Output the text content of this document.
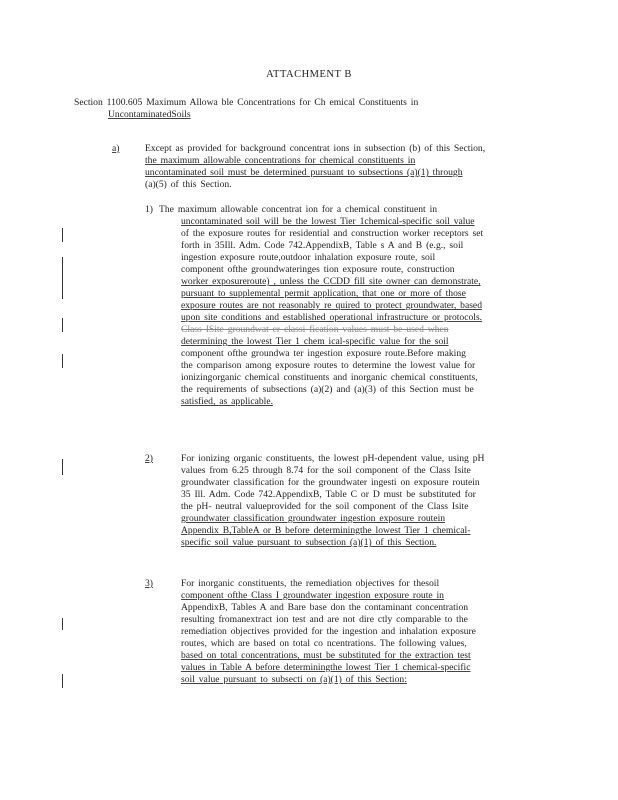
ATTACHMENT B
Section 1100.605 Maximum Allowa ble Concentrations for Ch emical Constituents in
UncontaminatedSoils
a)	Except as provided for background concentrat ions in subsection (b) of this Section,
the maximum allowable concentrations for chemical constituents in
uncontaminated soil must be determined pursuant to subsections (a)(1) through
(a)(5) of this Section.
1) The maximum allowable concentrat ion for a chemical constituent in
uncontaminated soil will be the lowest Tier 1chemical-specific soil value
of the exposure routes for residential and construction worker receptors set
forth in 35Ill. Adm. Code 742.AppendixB, Table s A and B (e.g., soil
ingestion exposure route,outdoor inhalation exposure route, soil
component ofthe groundwateringes tion exposure route, construction
worker exposureroute) , unless the CCDD fill site owner can demonstrate,
pursuant to supplemental permit application, that one or more of those
exposure routes are not reasonably re quired to protect groundwater, based
upon site conditions and established operational infrastructure or protocols.
Class ISite groundwat er classi fication values must be used when
determining the lowest Tier 1 chem ical-specific value for the soil
component ofthe groundwa ter ingestion exposure route.Before making
the comparison among exposure routes to determine the lowest value for
ionizingorganic chemical constituents and inorganic chemical constituents,
the requirements of subsections (a)(2) and (a)(3) of this Section must be
satisfied, as applicable.
2)	For ionizing organic constituents, the lowest pH-dependent value, using pH
values from 6.25 through 8.74 for the soil component of the Class Isite
groundwater classification for the groundwater ingesti on exposure routein
35 Ill. Adm. Code 742.AppendixB, Table C or D must be substituted for
the pH- neutral valueprovided for the soil component of the Class Isite
groundwater classification groundwater ingestion exposure routein
Appendix B,TableA or B before determiningthe lowest Tier 1 chemical-
specific soil value pursuant to subsection (a)(1) of this Section.
3)	For inorganic constituents, the remediation objectives for thesoil
component ofthe Class I groundwater ingestion exposure route in
AppendixB, Tables A and Bare base don the contaminant concentration
resulting fromanextract ion test and are not dire ctly comparable to the
remediation objectives provided for the ingestion and inhalation exposure
routes, which are based on total co ncentrations. The following values,
based on total concentrations, must be substituted for the extraction test
values in Table A before determiningthe lowest Tier 1 chemical-specific
soil value pursuant to subsecti on (a)(1) of this Section:
